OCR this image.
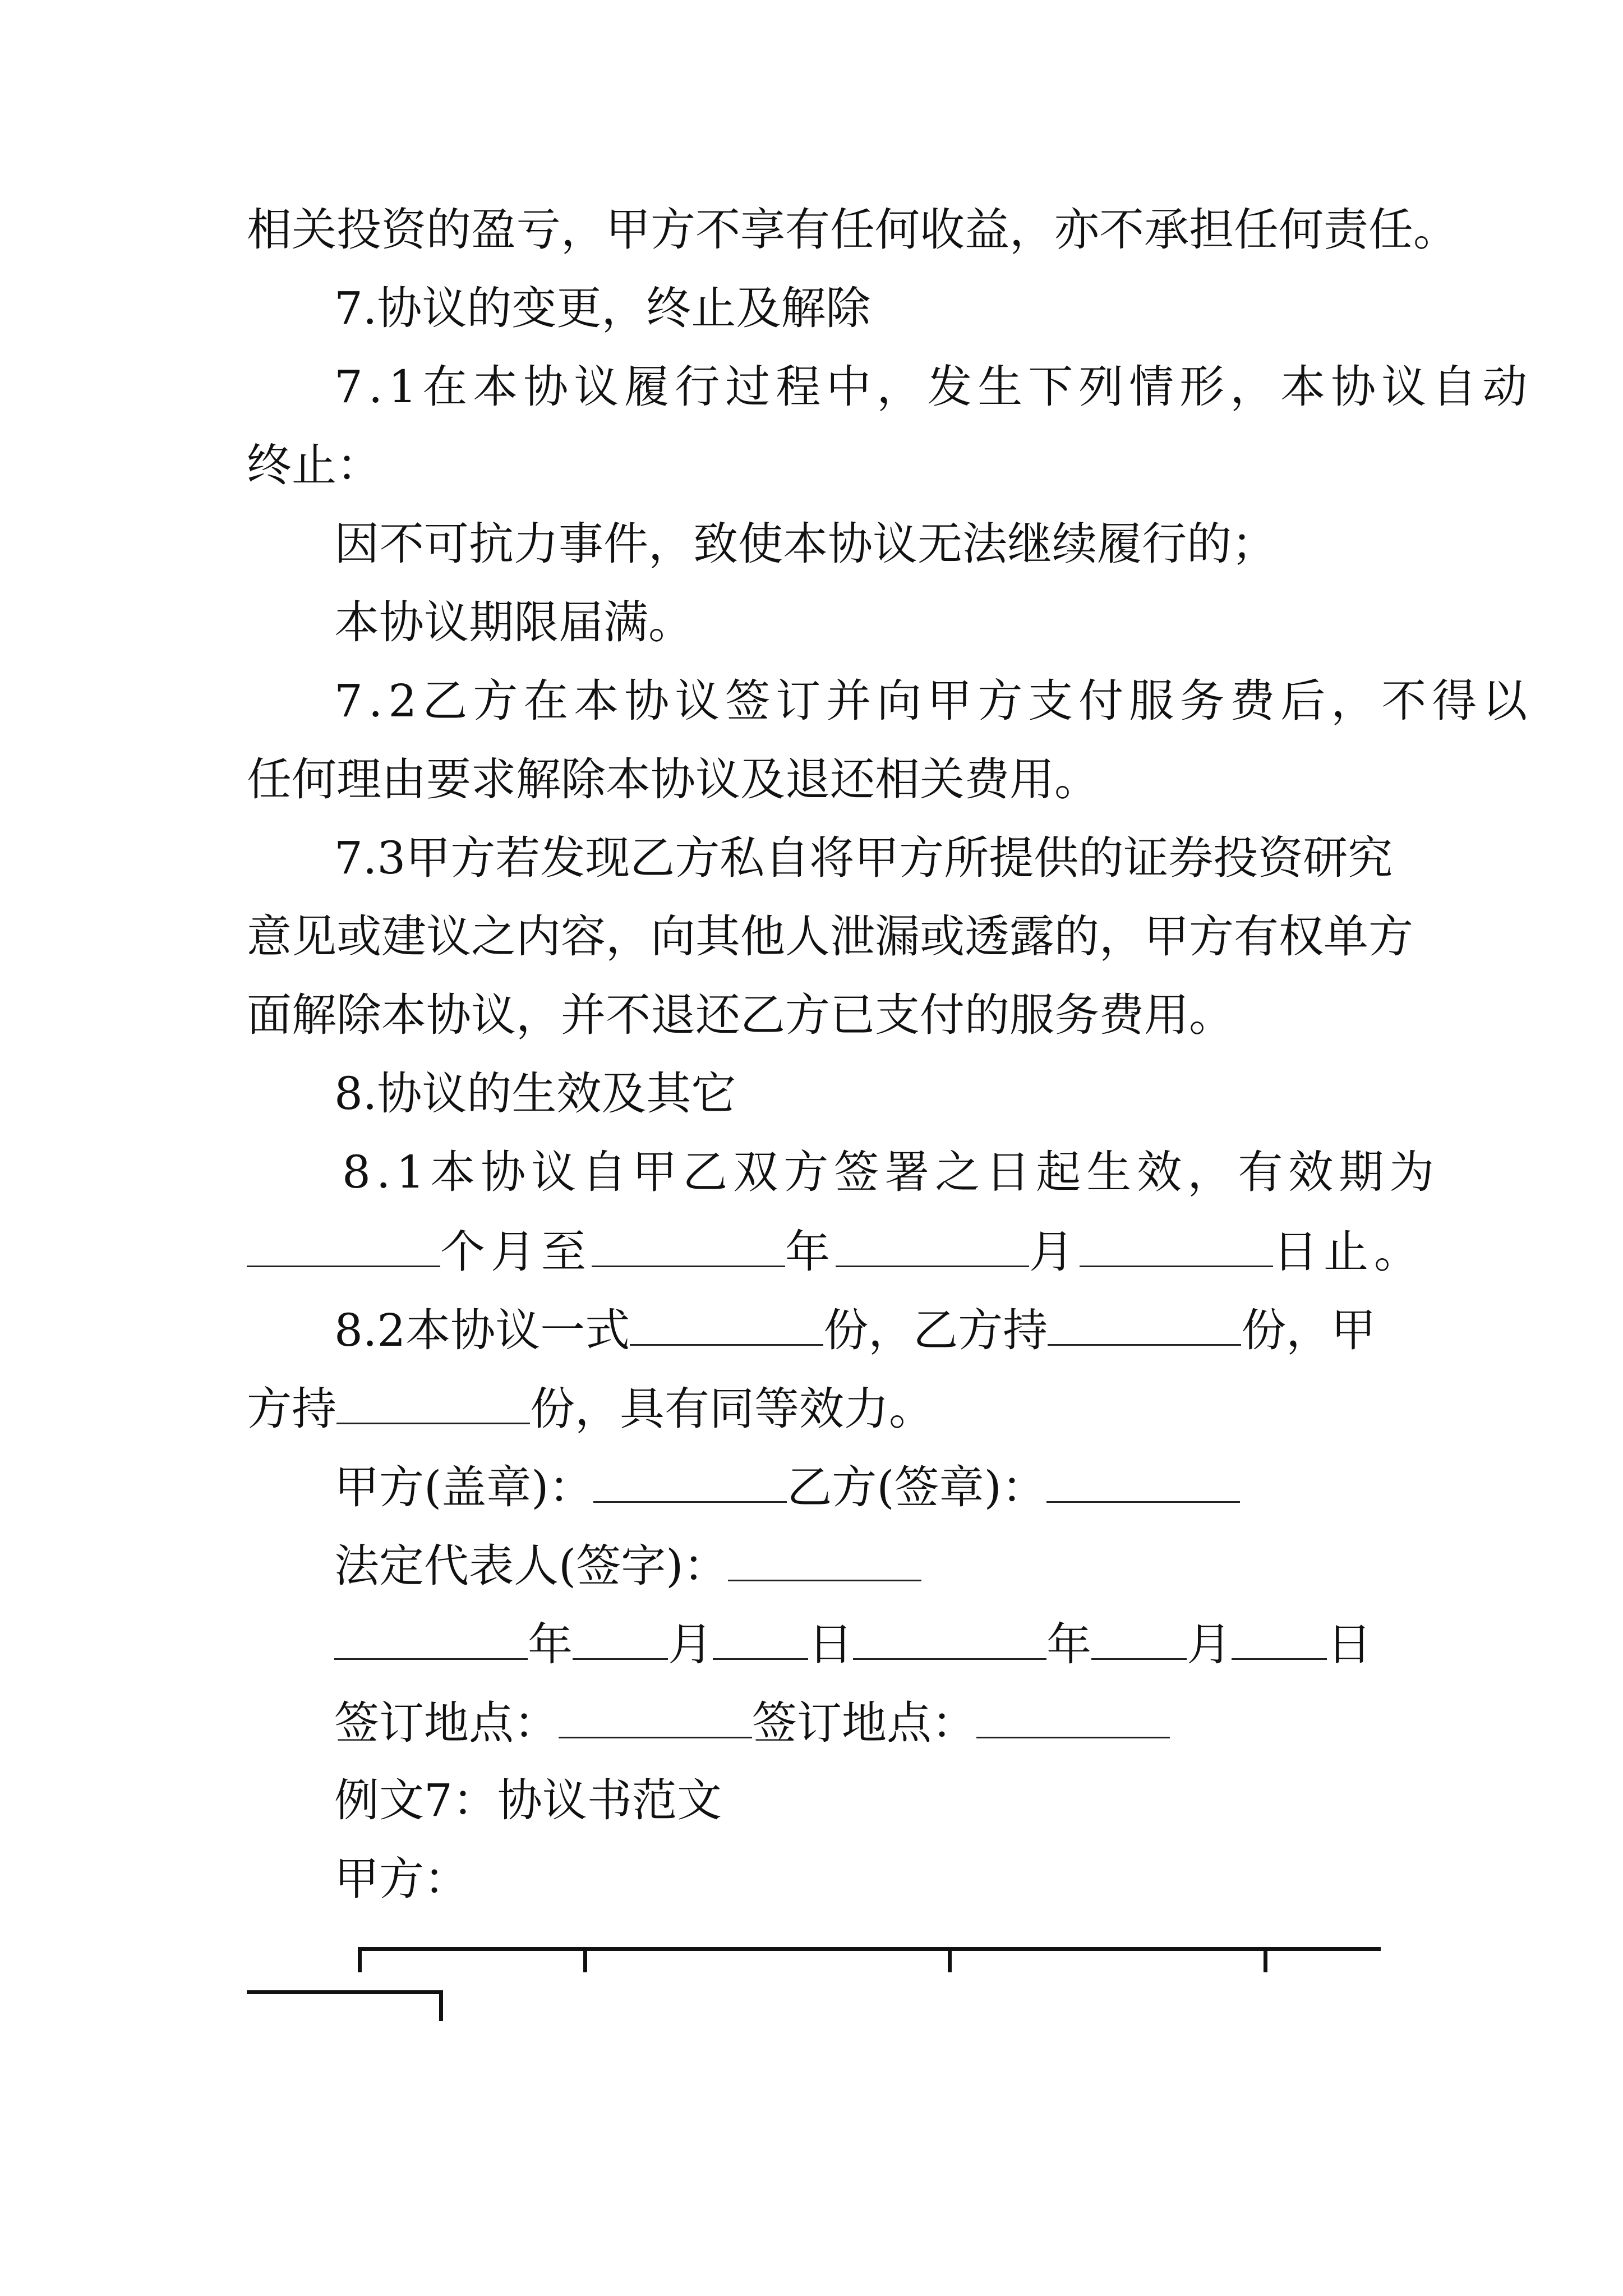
相关投资的盈亏，甲方不享有任何收益，亦不承担任何责任。
7.协议的变更，终止及解除
7.1在本协议履行过程中，发生下列情形，本协议自动
终止：
因不可抗力事件，致使本协议无法继续履行的；
本协议期限届满。
7.2乙方在本协议签订并向甲方支付服务费后，不得以
任何理由要求解除本协议及退还相关费用。
7.3甲方若发现乙方私自将甲方所提供的证券投资研究
意见或建议之内容，向其他人泄漏或透露的，甲方有权单方
面解除本协议，并不退还乙方已支付的服务费用。
8.协议的生效及其它
8.1本协议自甲乙双方签署之日起生效，有效期为
个月至	年	月	日止。
8.2本协议一式	份，乙方持	份，甲
方持	份，具有同等效力。
甲方(盖章)：	乙方(签章)：
法定代表人(签字)：
年 月 日	年 月 日
签订地点：	签订地点：
例文7：协议书范文
甲方：
